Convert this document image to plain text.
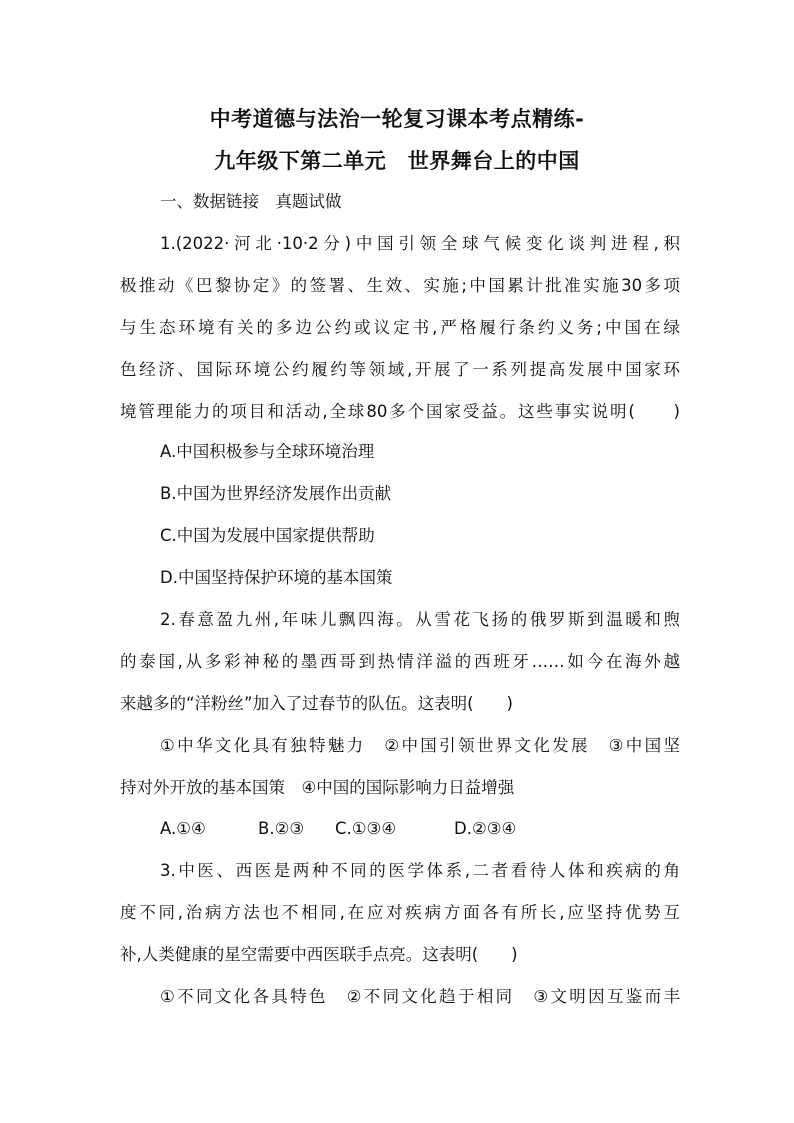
中考道德与法治一轮复习课本考点精练-
九年级下第二单元　世界舞台上的中国
一、数据链接　真题试做
1.(2022·河北·10·2分)中国引领全球气候变化谈判进程,积
极推动《巴黎协定》的签署、生效、实施;中国累计批准实施30多项
与生态环境有关的多边公约或议定书,严格履行条约义务;中国在绿
色经济、国际环境公约履约等领域,开展了一系列提高发展中国家环
境管理能力的项目和活动,全球80多个国家受益。这些事实说明(　　)
A.中国积极参与全球环境治理
B.中国为世界经济发展作出贡献
C.中国为发展中国家提供帮助
D.中国坚持保护环境的基本国策
2.春意盈九州,年味儿飘四海。从雪花飞扬的俄罗斯到温暖和煦
的泰国,从多彩神秘的墨西哥到热情洋溢的西班牙……如今在海外越
来越多的“洋粉丝”加入了过春节的队伍。这表明(　　)
①中华文化具有独特魅力　②中国引领世界文化发展　③中国坚
持对外开放的基本国策　④中国的国际影响力日益增强
A.①④	B.②③ C.①③④	D.②③④
3.中医、西医是两种不同的医学体系,二者看待人体和疾病的角
度不同,治病方法也不相同,在应对疾病方面各有所长,应坚持优势互
补,人类健康的星空需要中西医联手点亮。这表明(　　)
①不同文化各具特色　②不同文化趋于相同　③文明因互鉴而丰
